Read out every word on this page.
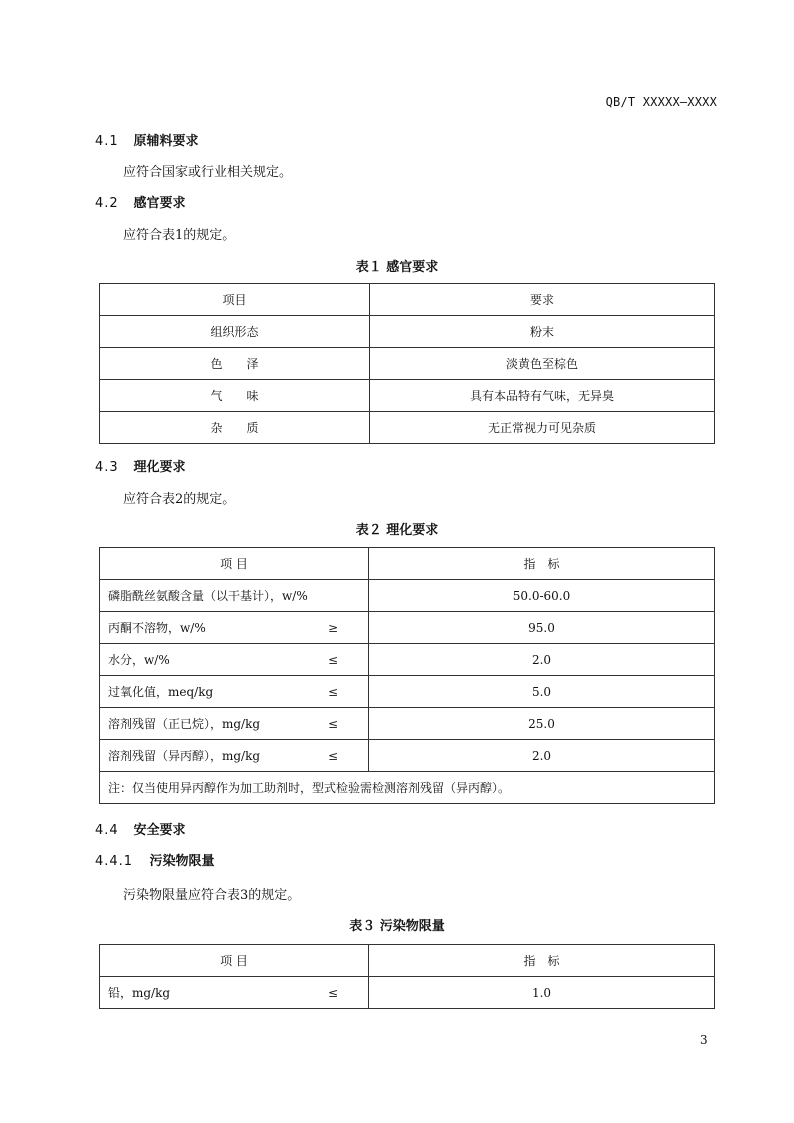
QB/T XXXXX—XXXX
4.1 原辅料要求
应符合国家或行业相关规定。
4.2 感官要求
应符合表1的规定。
表１ 感官要求
项目	要求
组织形态	粉末
色　　泽	淡黄色至棕色
气　　味	具有本品特有气味，无异臭
杂　　质	无正常视力可见杂质
4.3 理化要求
应符合表2的规定。
表２ 理化要求
项 目	指　标

磷脂酰丝氨酸含量（以干基计），w/%	50.0-60.0

丙酮不溶物，w/% ≥	95.0

水分，w/% ≤	2.0

过氧化值，meq/kg ≤	5.0

溶剂残留（正已烷），mg/kg ≤	25.0

溶剂残留（异丙醇），mg/kg ≤	2.0
注：仅当使用异丙醇作为加工助剂时，型式检验需检测溶剂残留（异丙醇）。	
4.4 安全要求
4.4.1 污染物限量
污染物限量应符合表3的规定。
表３ 污染物限量
项 目	指　标

铅，mg/kg ≤	1.0
3
